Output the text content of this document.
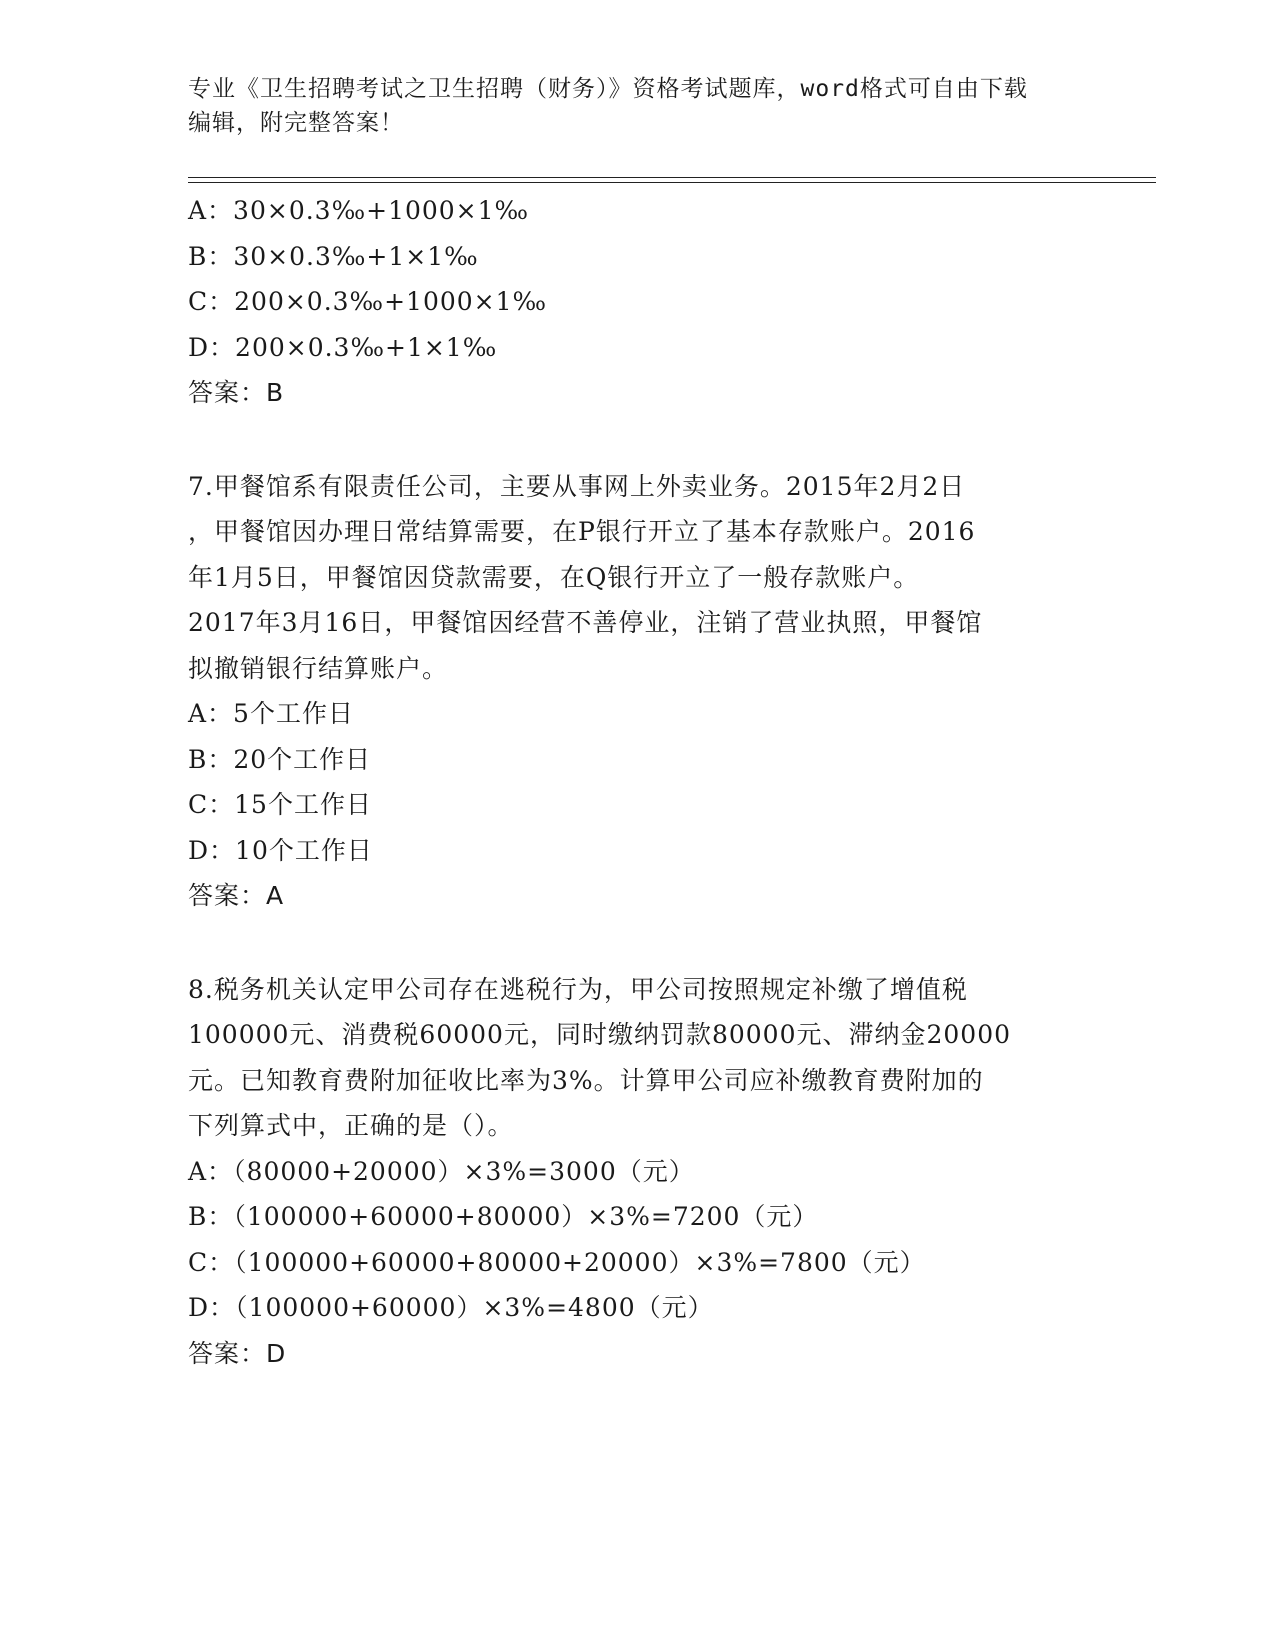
专业《卫生招聘考试之卫生招聘（财务）》资格考试题库，word格式可自由下载
编辑，附完整答案！
A：30×0.3‰+1000×1‰
B：30×0.3‰+1×1‰
C：200×0.3‰+1000×1‰
D：200×0.3‰+1×1‰
答案：B
7.甲餐馆系有限责任公司，主要从事网上外卖业务。2015年2月2日
，甲餐馆因办理日常结算需要，在P银行开立了基本存款账户。2016
年1月5日，甲餐馆因贷款需要，在Q银行开立了一般存款账户。
2017年3月16日，甲餐馆因经营不善停业，注销了营业执照，甲餐馆
拟撤销银行结算账户。
A：5个工作日
B：20个工作日
C：15个工作日
D：10个工作日
答案：A
8.税务机关认定甲公司存在逃税行为，甲公司按照规定补缴了增值税
100000元、消费税60000元，同时缴纳罚款80000元、滞纳金20000
元。已知教育费附加征收比率为3%。计算甲公司应补缴教育费附加的
下列算式中，正确的是（）。
A：（80000+20000）×3%=3000（元）
B：（100000+60000+80000）×3%=7200（元）
C：（100000+60000+80000+20000）×3%=7800（元）
D：（100000+60000）×3%=4800（元）
答案：D
